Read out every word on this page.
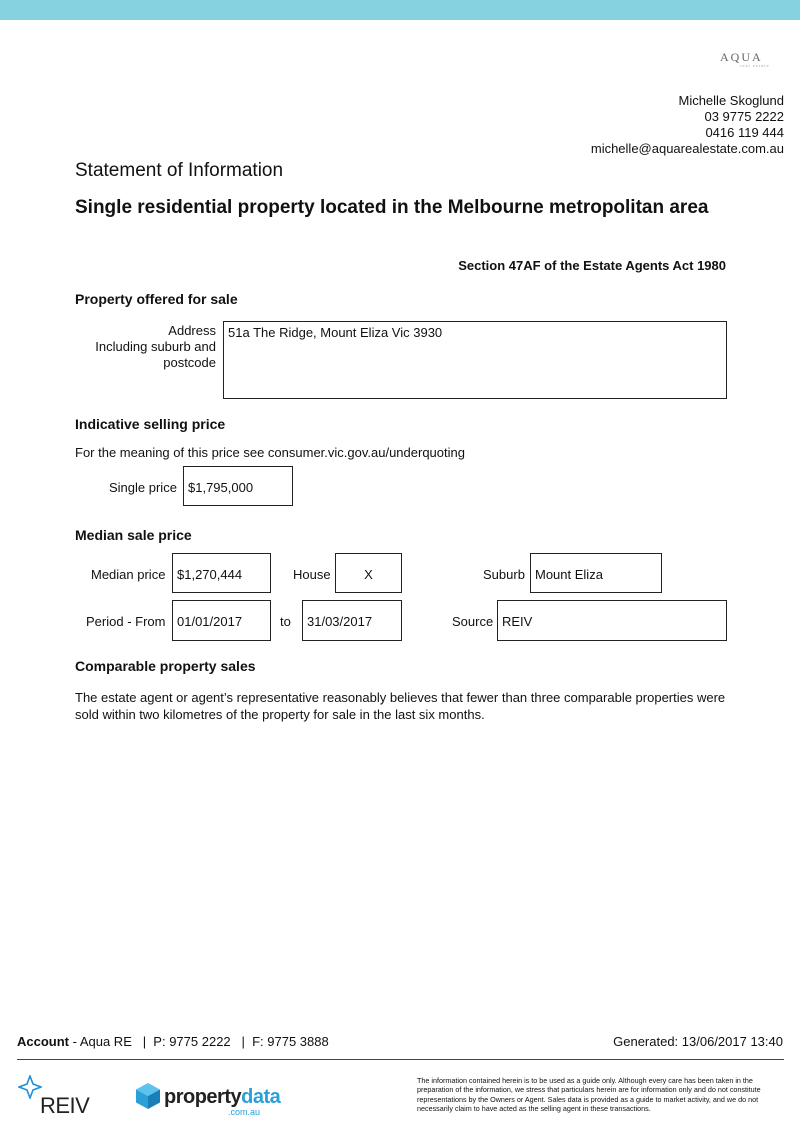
AQUA
real estate
Michelle Skoglund
03 9775 2222
0416 119 444
michelle@aquarealestate.com.au
Statement of Information
Single residential property located in the Melbourne metropolitan area
Section 47AF of the Estate Agents Act 1980
Property offered for sale
Address
Including suburb and
postcode
51a The Ridge, Mount Eliza Vic 3930
Indicative selling price
For the meaning of this price see consumer.vic.gov.au/underquoting
Single price $1,795,000
Median sale price
Median price $1,270,444	House	X	Suburb Mount Eliza
Period - From 01/01/2017	to	31/03/2017	Source REIV
Comparable property sales
The estate agent or agent’s representative reasonably believes that fewer than three comparable properties were sold within two kilometres of the property for sale in the last six months.
Account - Aqua RE   |  P: 9775 2222   |  F: 9775 3888	Generated: 13/06/2017 13:40
REIV	propertydata
.com.au
The information contained herein is to be used as a guide only. Although every care has been taken in the preparation of the information, we stress that particulars herein are for information only and do not constitute representations by the Owners or Agent. Sales data is provided as a guide to market activity, and we do not necessarily claim to have acted as the selling agent in these transactions.
